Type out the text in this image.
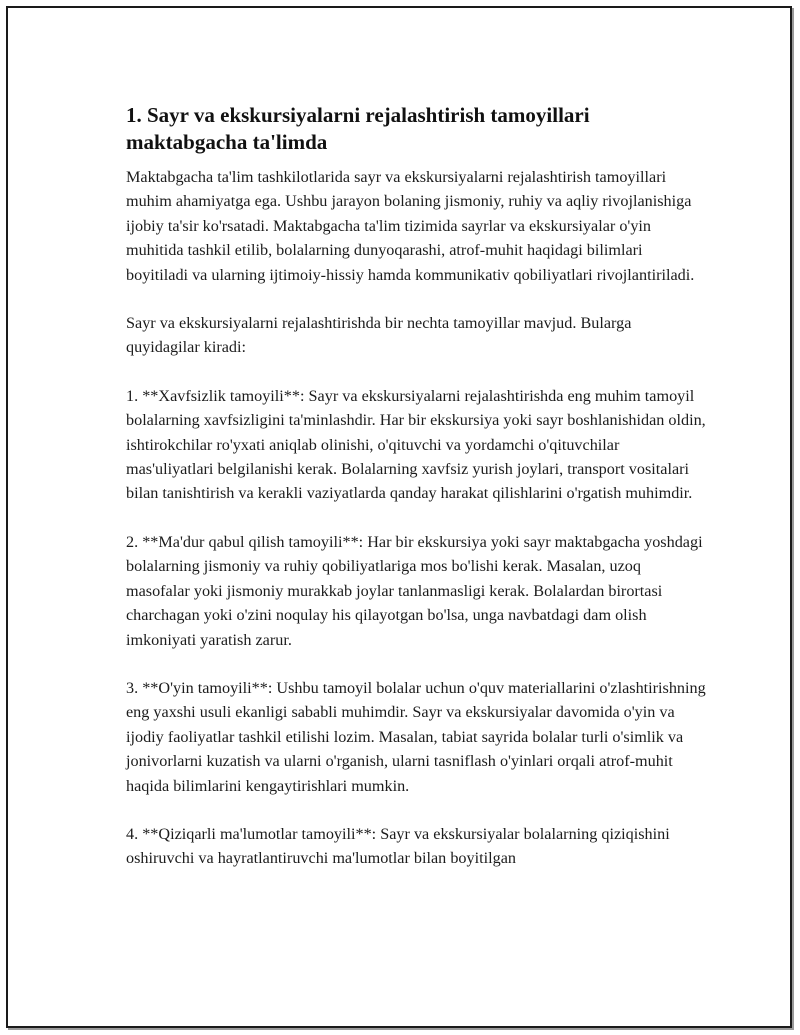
1. Sayr va ekskursiyalarni rejalashtirish tamoyillari maktabgacha ta'limda

Maktabgacha ta'lim tashkilotlarida sayr va ekskursiyalarni rejalashtirish tamoyillari muhim ahamiyatga ega. Ushbu jarayon bolaning jismoniy, ruhiy va aqliy rivojlanishiga ijobiy ta'sir ko'rsatadi. Maktabgacha ta'lim tizimida sayrlar va ekskursiyalar o'yin muhitida tashkil etilib, bolalarning dunyoqarashi, atrof-muhit haqidagi bilimlari boyitiladi va ularning ijtimoiy-hissiy hamda kommunikativ qobiliyatlari rivojlantiriladi.

Sayr va ekskursiyalarni rejalashtirishda bir nechta tamoyillar mavjud. Bularga quyidagilar kiradi:

1. **Xavfsizlik tamoyili**: Sayr va ekskursiyalarni rejalashtirishda eng muhim tamoyil bolalarning xavfsizligini ta'minlashdir. Har bir ekskursiya yoki sayr boshlanishidan oldin, ishtirokchilar ro'yxati aniqlab olinishi, o'qituvchi va yordamchi o'qituvchilar mas'uliyatlari belgilanishi kerak. Bolalarning xavfsiz yurish joylari, transport vositalari bilan tanishtirish va kerakli vaziyatlarda qanday harakat qilishlarini o'rgatish muhimdir.

2. **Ma'dur qabul qilish tamoyili**: Har bir ekskursiya yoki sayr maktabgacha yoshdagi bolalarning jismoniy va ruhiy qobiliyatlariga mos bo'lishi kerak. Masalan, uzoq masofalar yoki jismoniy murakkab joylar tanlanmasligi kerak. Bolalardan birortasi charchagan yoki o'zini noqulay his qilayotgan bo'lsa, unga navbatdagi dam olish imkoniyati yaratish zarur.

3. **O'yin tamoyili**: Ushbu tamoyil bolalar uchun o'quv materiallarini o'zlashtirishning eng yaxshi usuli ekanligi sababli muhimdir. Sayr va ekskursiyalar davomida o'yin va ijodiy faoliyatlar tashkil etilishi lozim. Masalan, tabiat sayrida bolalar turli o'simlik va jonivorlarni kuzatish va ularni o'rganish, ularni tasniflash o'yinlari orqali atrof-muhit haqida bilimlarini kengaytirishlari mumkin.

4. **Qiziqarli ma'lumotlar tamoyili**: Sayr va ekskursiyalar bolalarning qiziqishini oshiruvchi va hayratlantiruvchi ma'lumotlar bilan boyitilgan
